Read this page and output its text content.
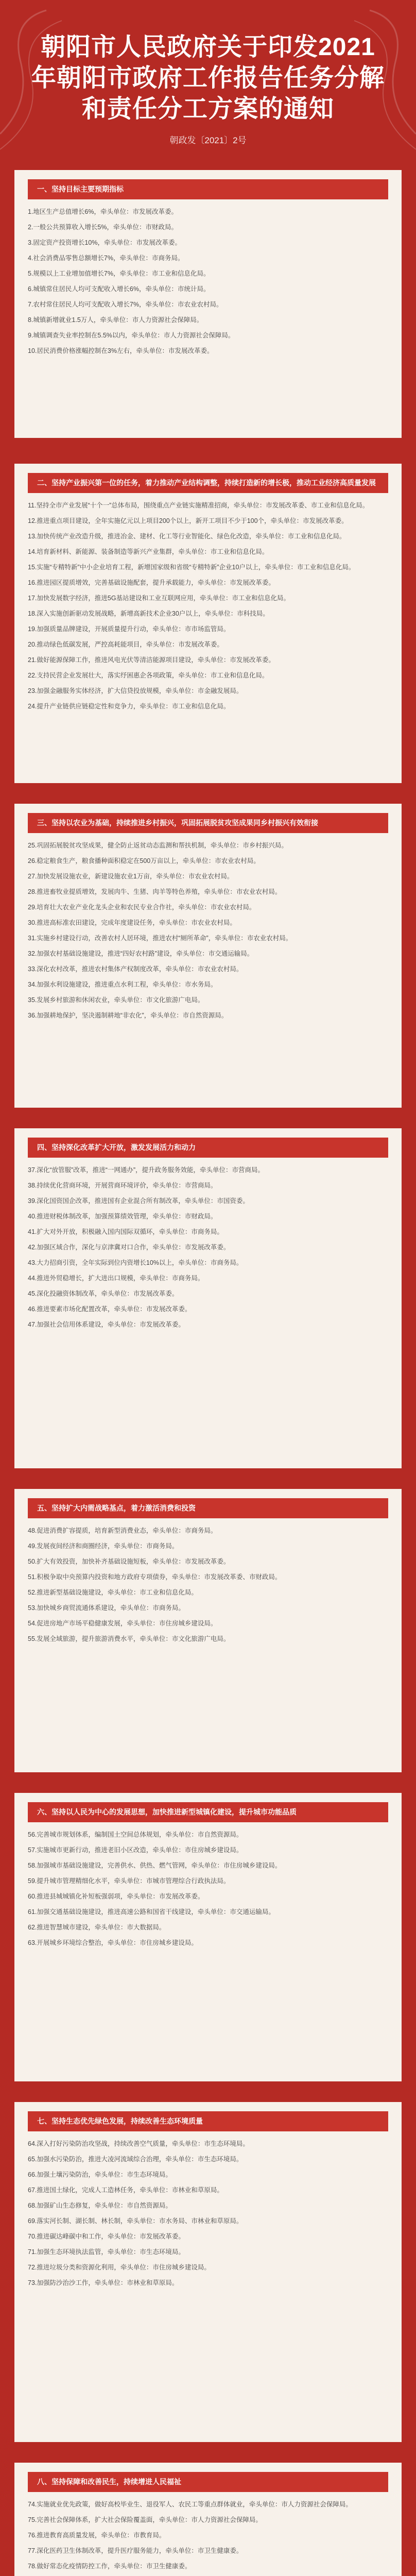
朝阳市人民政府关于印发2021
年朝阳市政府工作报告任务分解
和责任分工方案的通知
朝政发〔2021〕2号
一、坚持目标主要预期指标
1.地区生产总值增长6%，牵头单位：市发展改革委。
2.一般公共预算收入增长5%，牵头单位：市财政局。
3.固定资产投资增长10%，牵头单位：市发展改革委。
4.社会消费品零售总额增长7%，牵头单位：市商务局。
5.规模以上工业增加值增长7%，牵头单位：市工业和信息化局。
6.城镇常住居民人均可支配收入增长6%，牵头单位：市统计局。
7.农村常住居民人均可支配收入增长7%，牵头单位：市农业农村局。
8.城镇新增就业1.5万人，牵头单位：市人力资源社会保障局。
9.城镇调查失业率控制在5.5%以内，牵头单位：市人力资源社会保障局。
10.居民消费价格涨幅控制在3%左右，牵头单位：市发展改革委。
二、坚持产业振兴第一位的任务，着力推动产业结构调整，持续打造新的增长极，推动工业经济高质量发展
11.坚持全市产业发展“十个一”总体布局，围绕重点产业链实施精准招商，牵头单位：市发展改革委、市工业和信息化局。
12.推进重点项目建设，全年实施亿元以上项目200个以上，新开工项目不少于100个，牵头单位：市发展改革委。
13.加快传统产业改造升级，推进冶金、建材、化工等行业智能化、绿色化改造，牵头单位：市工业和信息化局。
14.培育新材料、新能源、装备制造等新兴产业集群，牵头单位：市工业和信息化局。
15.实施“专精特新”中小企业培育工程，新增国家级和省级“专精特新”企业10户以上，牵头单位：市工业和信息化局。
16.推进园区提质增效，完善基础设施配套，提升承载能力，牵头单位：市发展改革委。
17.加快发展数字经济，推进5G基站建设和工业互联网应用，牵头单位：市工业和信息化局。
18.深入实施创新驱动发展战略，新增高新技术企业30户以上，牵头单位：市科技局。
19.加强质量品牌建设，开展质量提升行动，牵头单位：市市场监管局。
20.推动绿色低碳发展，严控高耗能项目，牵头单位：市发展改革委。
21.做好能源保障工作，推进风电光伏等清洁能源项目建设，牵头单位：市发展改革委。
22.支持民营企业发展壮大，落实纾困惠企各项政策，牵头单位：市工业和信息化局。
23.加强金融服务实体经济，扩大信贷投放规模，牵头单位：市金融发展局。
24.提升产业链供应链稳定性和竞争力，牵头单位：市工业和信息化局。
三、坚持以农业为基础，持续推进乡村振兴，巩固拓展脱贫攻坚成果同乡村振兴有效衔接
25.巩固拓展脱贫攻坚成果，健全防止返贫动态监测和帮扶机制，牵头单位：市乡村振兴局。
26.稳定粮食生产，粮食播种面积稳定在500万亩以上，牵头单位：市农业农村局。
27.加快发展设施农业，新建设施农业1万亩，牵头单位：市农业农村局。
28.推进畜牧业提质增效，发展肉牛、生猪、肉羊等特色养殖，牵头单位：市农业农村局。
29.培育壮大农业产业化龙头企业和农民专业合作社，牵头单位：市农业农村局。
30.推进高标准农田建设，完成年度建设任务，牵头单位：市农业农村局。
31.实施乡村建设行动，改善农村人居环境，推进农村“厕所革命”，牵头单位：市农业农村局。
32.加强农村基础设施建设，推进“四好农村路”建设，牵头单位：市交通运输局。
33.深化农村改革，推进农村集体产权制度改革，牵头单位：市农业农村局。
34.加强水利设施建设，推进重点水利工程，牵头单位：市水务局。
35.发展乡村旅游和休闲农业，牵头单位：市文化旅游广电局。
36.加强耕地保护，坚决遏制耕地“非农化”，牵头单位：市自然资源局。
四、坚持深化改革扩大开放，激发发展活力和动力
37.深化“放管服”改革，推进“一网通办”，提升政务服务效能，牵头单位：市营商局。
38.持续优化营商环境，开展营商环境评价，牵头单位：市营商局。
39.深化国资国企改革，推进国有企业混合所有制改革，牵头单位：市国资委。
40.推进财税体制改革，加强预算绩效管理，牵头单位：市财政局。
41.扩大对外开放，积极融入国内国际双循环，牵头单位：市商务局。
42.加强区域合作，深化与京津冀对口合作，牵头单位：市发展改革委。
43.大力招商引资，全年实际到位内资增长10%以上，牵头单位：市商务局。
44.推进外贸稳增长，扩大进出口规模，牵头单位：市商务局。
45.深化投融资体制改革，牵头单位：市发展改革委。
46.推进要素市场化配置改革，牵头单位：市发展改革委。
47.加强社会信用体系建设，牵头单位：市发展改革委。
五、坚持扩大内需战略基点，着力激活消费和投资
48.促进消费扩容提质，培育新型消费业态，牵头单位：市商务局。
49.发展夜间经济和商圈经济，牵头单位：市商务局。
50.扩大有效投资，加快补齐基础设施短板，牵头单位：市发展改革委。
51.积极争取中央预算内投资和地方政府专项债券，牵头单位：市发展改革委、市财政局。
52.推进新型基础设施建设，牵头单位：市工业和信息化局。
53.加快城乡商贸流通体系建设，牵头单位：市商务局。
54.促进房地产市场平稳健康发展，牵头单位：市住房城乡建设局。
55.发展全域旅游，提升旅游消费水平，牵头单位：市文化旅游广电局。
六、坚持以人民为中心的发展思想，加快推进新型城镇化建设，提升城市功能品质
56.完善城市规划体系，编制国土空间总体规划，牵头单位：市自然资源局。
57.实施城市更新行动，推进老旧小区改造，牵头单位：市住房城乡建设局。
58.加强城市基础设施建设，完善供水、供热、燃气管网，牵头单位：市住房城乡建设局。
59.提升城市管理精细化水平，牵头单位：市城市管理综合行政执法局。
60.推进县城城镇化补短板强弱项，牵头单位：市发展改革委。
61.加强交通基础设施建设，推进高速公路和国省干线建设，牵头单位：市交通运输局。
62.推进智慧城市建设，牵头单位：市大数据局。
63.开展城乡环境综合整治，牵头单位：市住房城乡建设局。
七、坚持生态优先绿色发展，持续改善生态环境质量
64.深入打好污染防治攻坚战，持续改善空气质量，牵头单位：市生态环境局。
65.加强水污染防治，推进大凌河流域综合治理，牵头单位：市生态环境局。
66.加强土壤污染防治，牵头单位：市生态环境局。
67.推进国土绿化，完成人工造林任务，牵头单位：市林业和草原局。
68.加强矿山生态修复，牵头单位：市自然资源局。
69.落实河长制、湖长制、林长制，牵头单位：市水务局、市林业和草原局。
70.推进碳达峰碳中和工作，牵头单位：市发展改革委。
71.加强生态环境执法监管，牵头单位：市生态环境局。
72.推进垃圾分类和资源化利用，牵头单位：市住房城乡建设局。
73.加强防沙治沙工作，牵头单位：市林业和草原局。
八、坚持保障和改善民生，持续增进人民福祉
74.实施就业优先政策，做好高校毕业生、退役军人、农民工等重点群体就业，牵头单位：市人力资源社会保障局。
75.完善社会保障体系，扩大社会保险覆盖面，牵头单位：市人力资源社会保障局。
76.推进教育高质量发展，牵头单位：市教育局。
77.深化医药卫生体制改革，提升医疗服务能力，牵头单位：市卫生健康委。
78.做好常态化疫情防控工作，牵头单位：市卫生健康委。
